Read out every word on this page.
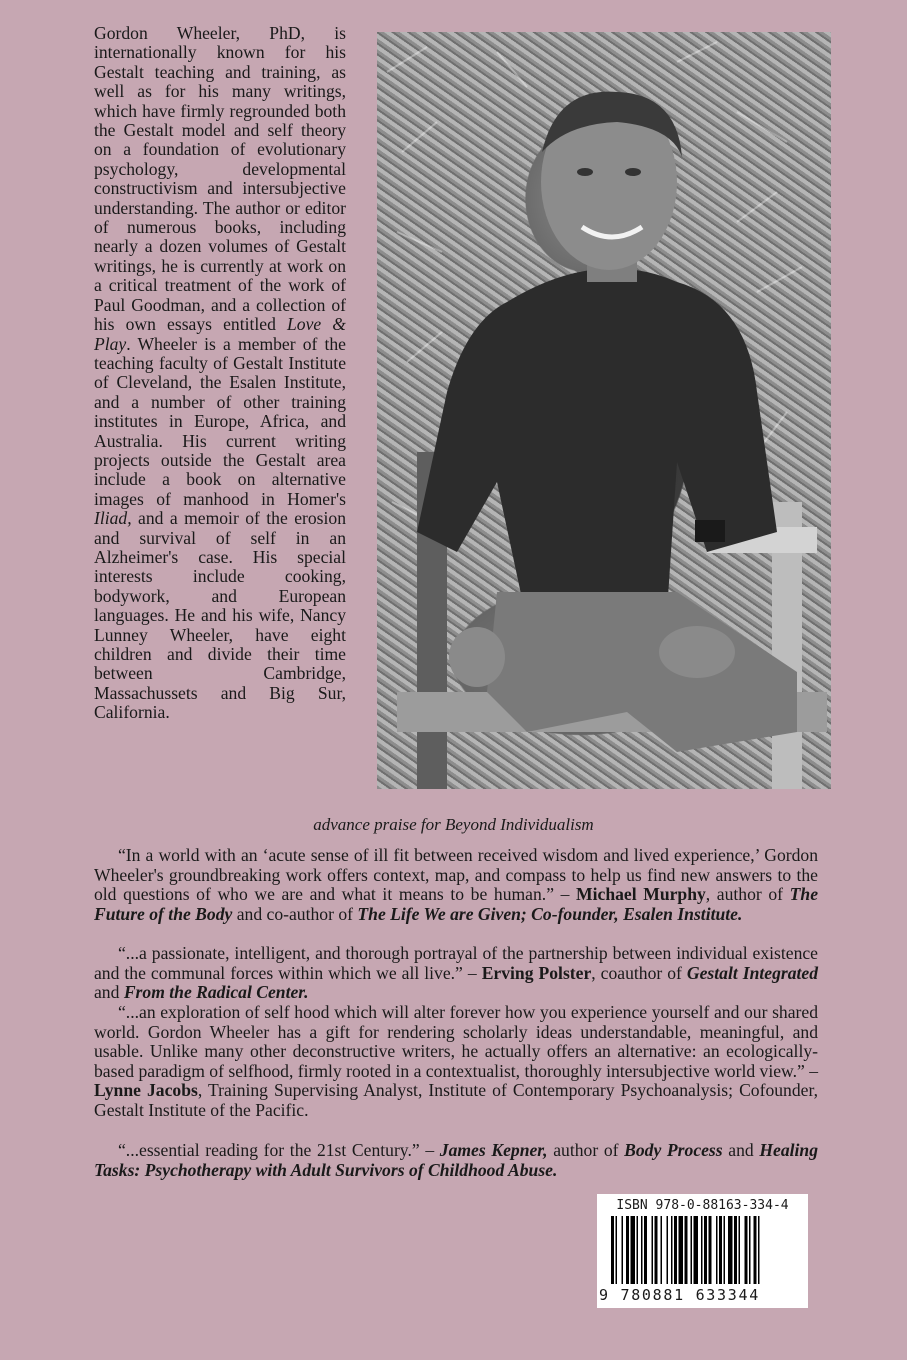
Gordon Wheeler, PhD, is internationally known for his Gestalt teaching and training, as well as for his many writings, which have firmly regrounded both the Gestalt model and self theory on a foundation of evolutionary psychology, developmental constructivism and intersubjective understanding. The author or editor of numerous books, including nearly a dozen volumes of Gestalt writings, he is currently at work on a critical treatment of the work of Paul Goodman, and a collection of his own essays entitled Love & Play. Wheeler is a member of the teaching faculty of Gestalt Institute of Cleveland, the Esalen Institute, and a number of other training institutes in Europe, Africa, and Australia. His current writing projects outside the Gestalt area include a book on alternative images of manhood in Homer's Iliad, and a memoir of the erosion and survival of self in an Alzheimer's case. His special interests include cooking, bodywork, and European languages. He and his wife, Nancy Lunney Wheeler, have eight children and divide their time between Cambridge, Massachussets and Big Sur, California.
advance praise for Beyond Individualism

“In a world with an ‘acute sense of ill fit between received wisdom and lived experience,’ Gordon Wheeler's groundbreaking work offers context, map, and compass to help us find new answers to the old questions of who we are and what it means to be human.” – Michael Murphy, author of The Future of the Body and co-author of The Life We are Given; Co-founder, Esalen Institute.

“...a passionate, intelligent, and thorough portrayal of the partnership between individual existence and the communal forces within which we all live.” – Erving Polster, coauthor of Gestalt Integrated and From the Radical Center.

“...an exploration of self hood which will alter forever how you experience yourself and our shared world. Gordon Wheeler has a gift for rendering scholarly ideas understandable, meaningful, and usable. Unlike many other deconstructive writers, he actually offers an alternative: an ecologically-based paradigm of selfhood, firmly rooted in a contextualist, thoroughly intersubjective world view.” – Lynne Jacobs, Training Supervising Analyst, Institute of Contemporary Psychoanalysis; Cofounder, Gestalt Institute of the Pacific.

“...essential reading for the 21st Century.” – James Kepner, author of Body Process and Healing Tasks: Psychotherapy with Adult Survivors of Childhood Abuse.

ISBN 978-0-88163-334-4
9 780881 633344
